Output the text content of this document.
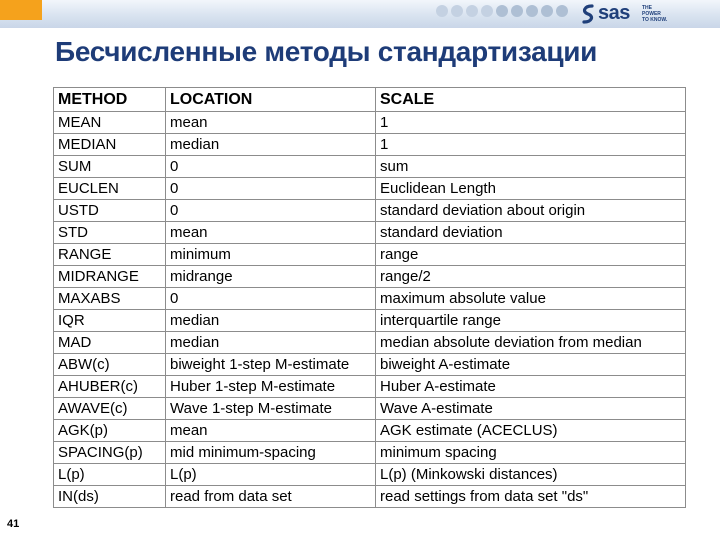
sas THE
POWER
TO KNOW.
Бесчисленные методы стандартизации
METHOD	LOCATION	SCALE
MEAN	mean	1
MEDIAN	median	1
SUM	0	sum
EUCLEN	0	Euclidean Length
USTD	0	standard deviation about origin
STD	mean	standard deviation
RANGE	minimum	range
MIDRANGE	midrange	range/2
MAXABS	0	maximum absolute value
IQR	median	interquartile range
MAD	median	median absolute deviation from median
ABW(c)	biweight 1-step M-estimate	biweight A-estimate
AHUBER(c)	Huber 1-step M-estimate	Huber A-estimate
AWAVE(c)	Wave 1-step M-estimate	Wave A-estimate
AGK(p)	mean	AGK estimate (ACECLUS)
SPACING(p)	mid minimum-spacing	minimum spacing
L(p)	L(p)	L(p) (Minkowski distances)
IN(ds)	read from data set	read settings from data set "ds"
41
